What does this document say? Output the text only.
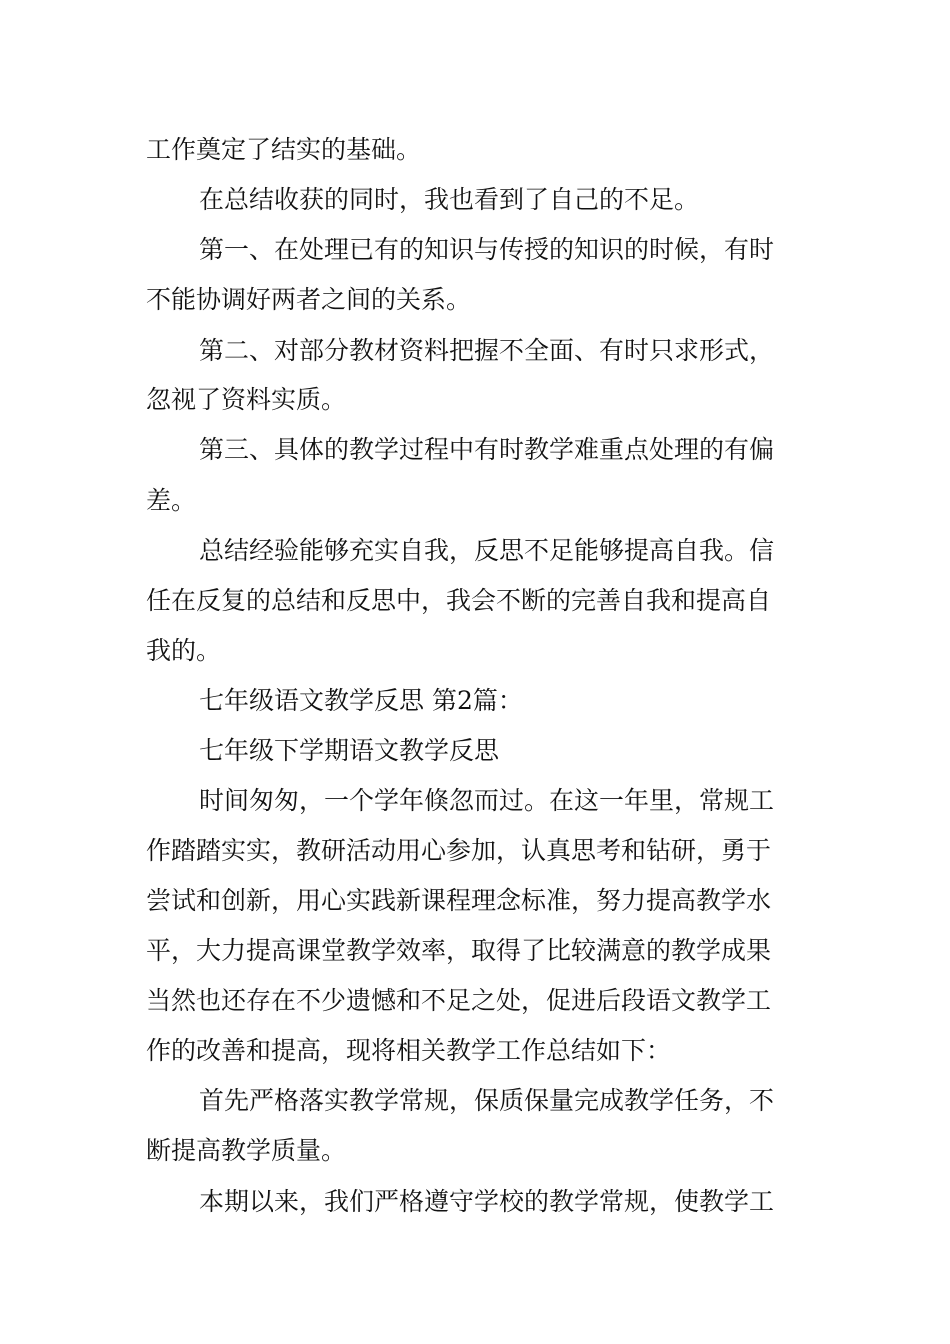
工作奠定了结实的基础。
在总结收获的同时，我也看到了自己的不足。
第一、在处理已有的知识与传授的知识的时候，有时
不能协调好两者之间的关系。
第二、对部分教材资料把握不全面、有时只求形式，
忽视了资料实质。
第三、具体的教学过程中有时教学难重点处理的有偏
差。
总结经验能够充实自我，反思不足能够提高自我。信
任在反复的总结和反思中，我会不断的完善自我和提高自
我的。
七年级语文教学反思 第2篇：
七年级下学期语文教学反思
时间匆匆，一个学年倏忽而过。在这一年里，常规工
作踏踏实实，教研活动用心参加，认真思考和钻研，勇于
尝试和创新，用心实践新课程理念标准，努力提高教学水
平，大力提高课堂教学效率，取得了比较满意的教学成果
当然也还存在不少遗憾和不足之处，促进后段语文教学工
作的改善和提高，现将相关教学工作总结如下：
首先严格落实教学常规，保质保量完成教学任务，不
断提高教学质量。
本期以来，我们严格遵守学校的教学常规，使教学工
